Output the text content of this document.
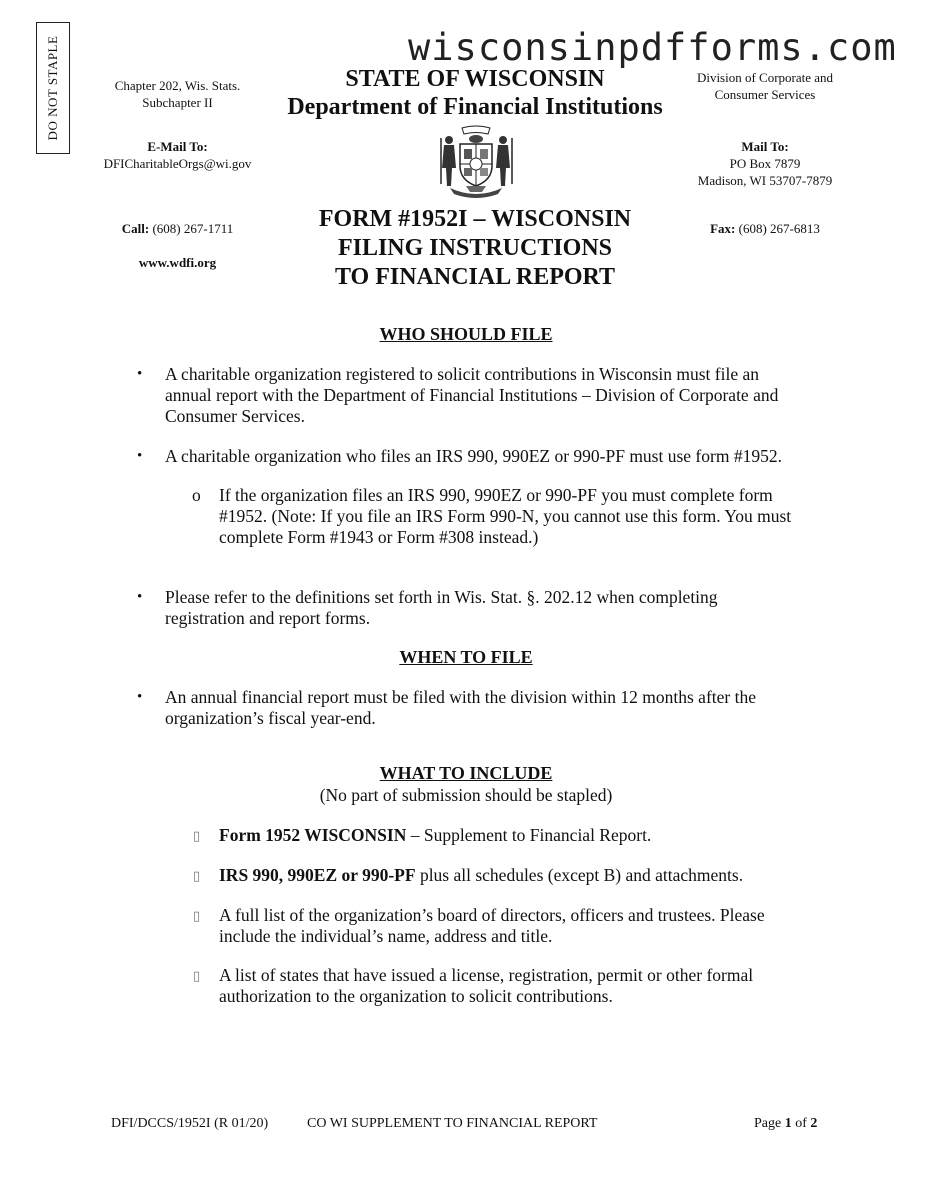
wisconsinpdfforms.com
DO NOT STAPLE	Chapter 202, Wis. Stats.
Subchapter II
E-Mail To:
DFICharitableOrgs@wi.gov
Call: (608) 267-1711
www.wdfi.org
STATE OF WISCONSIN
Department of Financial Institutions
FORM #1952I – WISCONSIN
FILING INSTRUCTIONS
TO FINANCIAL REPORT
Division of Corporate and
Consumer Services
Mail To:
PO Box 7879
Madison, WI 53707-7879
Fax: (608) 267-6813
WHO SHOULD FILE
• A charitable organization registered to solicit contributions in Wisconsin must file an
annual report with the Department of Financial Institutions – Division of Corporate and
Consumer Services.
• A charitable organization who files an IRS 990, 990EZ or 990-PF must use form #1952.
o If the organization files an IRS 990, 990EZ or 990-PF you must complete form
#1952. (Note: If you file an IRS Form 990-N, you cannot use this form. You must
complete Form #1943 or Form #308 instead.)
• Please refer to the definitions set forth in Wis. Stat. §. 202.12 when completing
registration and report forms.
WHEN TO FILE
• An annual financial report must be filed with the division within 12 months after the
organization’s fiscal year-end.
WHAT TO INCLUDE
(No part of submission should be stapled)
▯ Form 1952 WISCONSIN – Supplement to Financial Report.
▯ IRS 990, 990EZ or 990-PF plus all schedules (except B) and attachments.
▯ A full list of the organization’s board of directors, officers and trustees. Please
include the individual’s name, address and title.
▯ A list of states that have issued a license, registration, permit or other formal
authorization to the organization to solicit contributions.
DFI/DCCS/1952I (R 01/20)	CO WI SUPPLEMENT TO FINANCIAL REPORT	Page 1 of 2
